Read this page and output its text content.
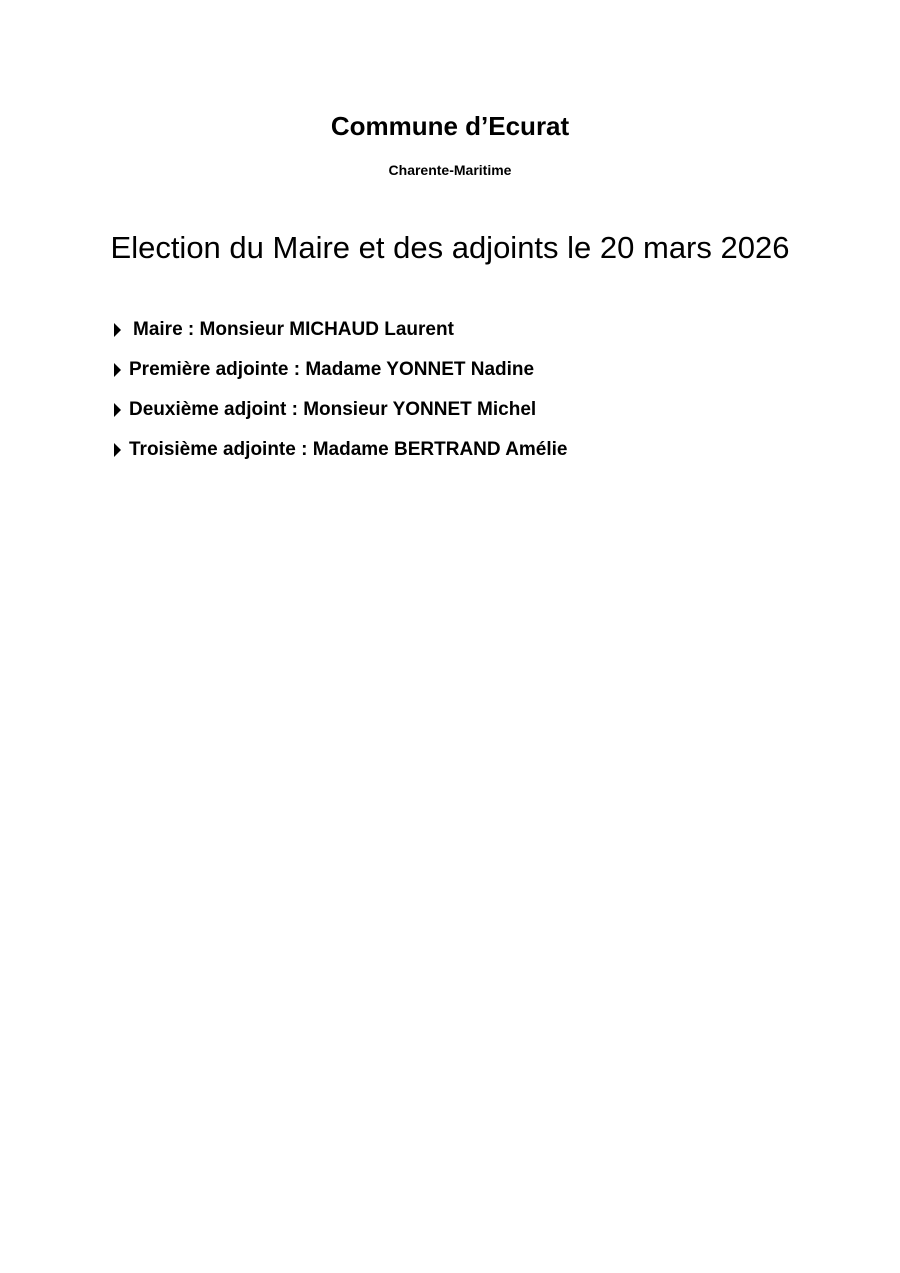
Commune d’Ecurat

Charente-Maritime

Election du Maire et des adjoints le 20 mars 2026
Maire : Monsieur MICHAUD Laurent
Première adjointe : Madame YONNET Nadine
Deuxième adjoint : Monsieur YONNET Michel
Troisième adjointe : Madame BERTRAND Amélie
